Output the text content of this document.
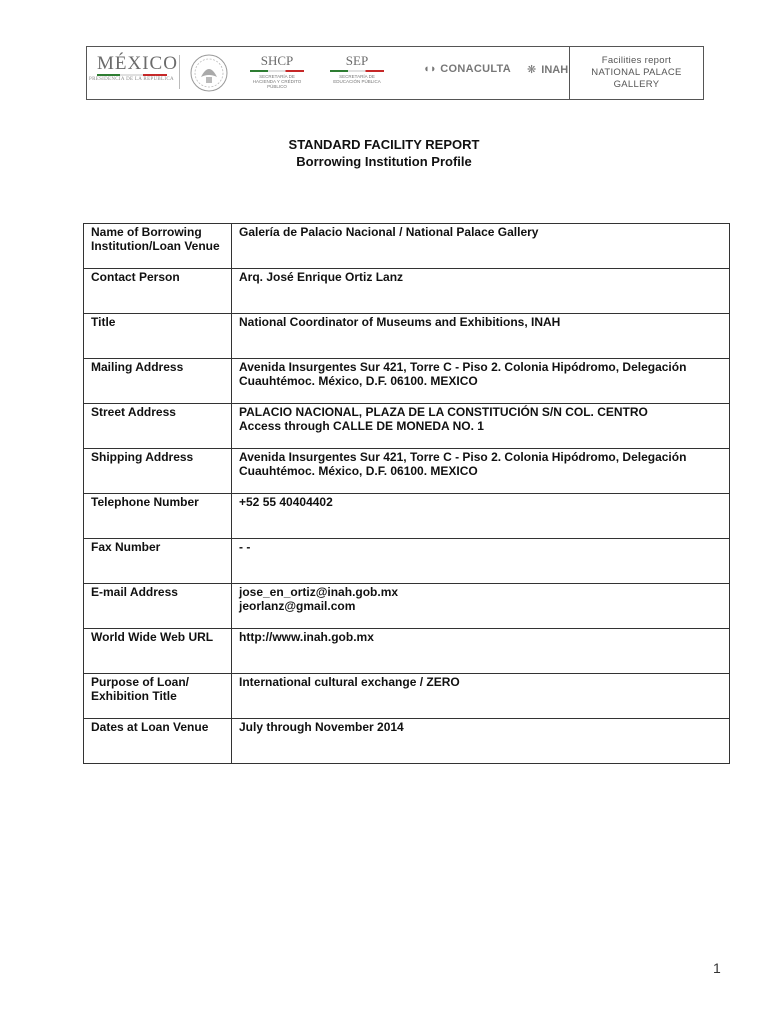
MÉXICO
PRESIDENCIA DE LA REPÚBLICA
SHCP
SECRETARÍA DE HACIENDA Y CRÉDITO PÚBLICO
SEP
SECRETARÍA DE EDUCACIÓN PÚBLICA
◖◗ CONACULTA ❋ INAH
Facilities report
NATIONAL PALACE
GALLERY
STANDARD FACILITY REPORT
Borrowing Institution Profile
Name of Borrowing Institution/Loan Venue	Galería de Palacio Nacional / National Palace Gallery
Contact Person	Arq. José Enrique Ortiz Lanz
Title	National Coordinator of Museums and Exhibitions, INAH
Mailing Address	Avenida Insurgentes Sur 421, Torre C - Piso 2. Colonia Hipódromo, Delegación Cuauhtémoc. México, D.F. 06100. MEXICO
Street Address	PALACIO NACIONAL, PLAZA DE LA CONSTITUCIÓN S/N COL. CENTRO
Access through CALLE DE MONEDA NO. 1
Shipping Address	Avenida Insurgentes Sur 421, Torre C - Piso 2. Colonia Hipódromo, Delegación Cuauhtémoc. México, D.F. 06100. MEXICO
Telephone Number	+52 55 40404402
Fax Number	- -
E-mail Address	jose_en_ortiz@inah.gob.mx
jeorlanz@gmail.com
World Wide Web URL	http://www.inah.gob.mx
Purpose of Loan/ Exhibition Title	International cultural exchange / ZERO
Dates at Loan Venue	July through November 2014
1
